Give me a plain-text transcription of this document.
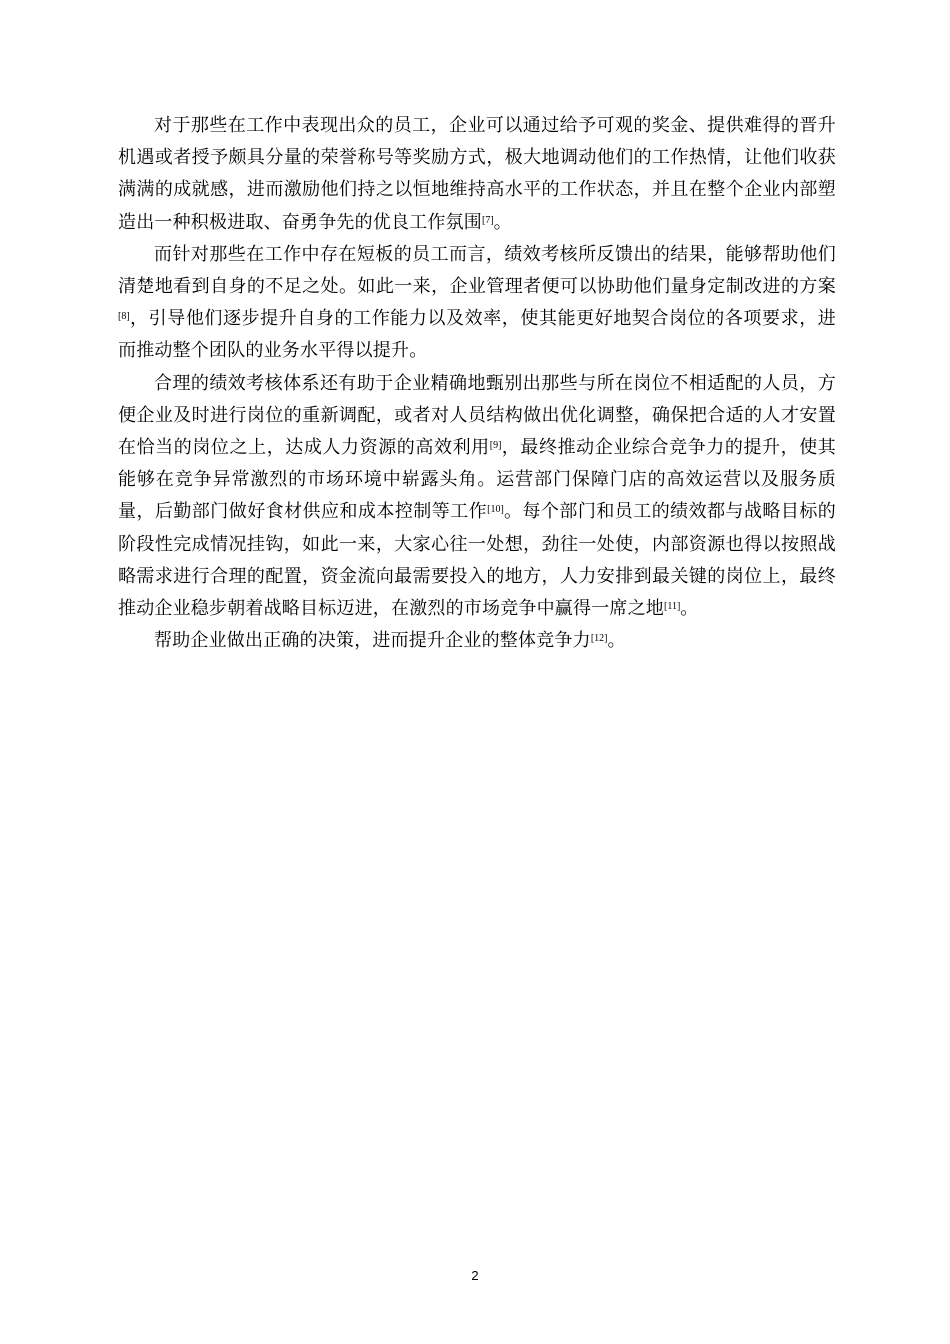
对于那些在工作中表现出众的员工，企业可以通过给予可观的奖金、提供难得的晋升机遇或者授予颇具分量的荣誉称号等奖励方式，极大地调动他们的工作热情，让他们收获满满的成就感，进而激励他们持之以恒地维持高水平的工作状态，并且在整个企业内部塑造出一种积极进取、奋勇争先的优良工作氛围[7]。

而针对那些在工作中存在短板的员工而言，绩效考核所反馈出的结果，能够帮助他们清楚地看到自身的不足之处。如此一来，企业管理者便可以协助他们量身定制改进的方案[8]，引导他们逐步提升自身的工作能力以及效率，使其能更好地契合岗位的各项要求，进而推动整个团队的业务水平得以提升。

合理的绩效考核体系还有助于企业精确地甄别出那些与所在岗位不相适配的人员，方便企业及时进行岗位的重新调配，或者对人员结构做出优化调整，确保把合适的人才安置在恰当的岗位之上，达成人力资源的高效利用[9]，最终推动企业综合竞争力的提升，使其能够在竞争异常激烈的市场环境中崭露头角。运营部门保障门店的高效运营以及服务质量，后勤部门做好食材供应和成本控制等工作[10]。每个部门和员工的绩效都与战略目标的阶段性完成情况挂钩，如此一来，大家心往一处想，劲往一处使，内部资源也得以按照战略需求进行合理的配置，资金流向最需要投入的地方，人力安排到最关键的岗位上，最终推动企业稳步朝着战略目标迈进，在激烈的市场竞争中赢得一席之地[11]。

帮助企业做出正确的决策，进而提升企业的整体竞争力[12]。

2
